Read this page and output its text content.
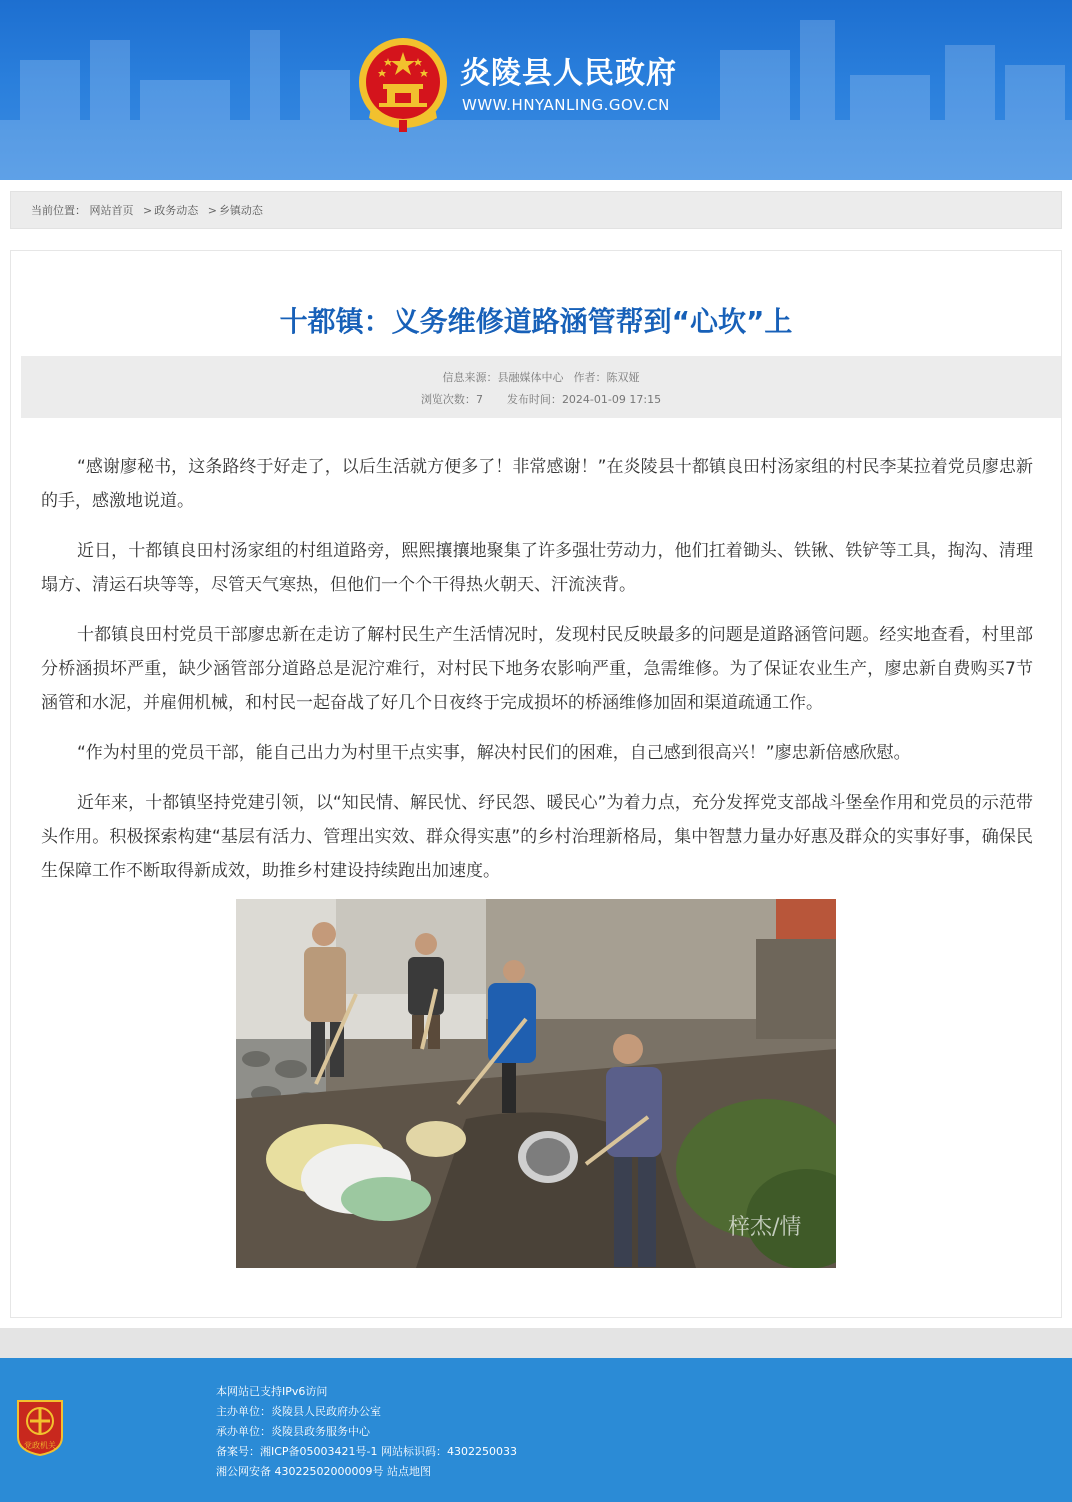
炎陵县人民政府
WWW.HNYANLING.GOV.CN
当前位置： 网站首页 > 政务动态 > 乡镇动态
十都镇：义务维修道路涵管帮到“心坎”上
信息来源：县融媒体中心 作者：陈双娅
浏览次数：7 发布时间：2024-01-09 17:15

“感谢廖秘书，这条路终于好走了，以后生活就方便多了！非常感谢！”在炎陵县十都镇良田村汤家组的村民李某拉着党员廖忠新的手，感激地说道。

近日，十都镇良田村汤家组的村组道路旁，熙熙攘攘地聚集了许多强壮劳动力，他们扛着锄头、铁锹、铁铲等工具，掏沟、清理塌方、清运石块等等，尽管天气寒热，但他们一个个干得热火朝天、汗流浃背。

十都镇良田村党员干部廖忠新在走访了解村民生产生活情况时，发现村民反映最多的问题是道路涵管问题。经实地查看，村里部分桥涵损坏严重，缺少涵管部分道路总是泥泞难行，对村民下地务农影响严重，急需维修。为了保证农业生产，廖忠新自费购买7节涵管和水泥，并雇佣机械，和村民一起奋战了好几个日夜终于完成损坏的桥涵维修加固和渠道疏通工作。

“作为村里的党员干部，能自己出力为村里干点实事，解决村民们的困难，自己感到很高兴！”廖忠新倍感欣慰。

近年来，十都镇坚持党建引领，以“知民情、解民忧、纾民怨、暖民心”为着力点，充分发挥党支部战斗堡垒作用和党员的示范带头作用。积极探索构建“基层有活力、管理出实效、群众得实惠”的乡村治理新格局，集中智慧力量办好惠及群众的实事好事，确保民生保障工作不断取得新成效，助推乡村建设持续跑出加速度。

梓杰/情
党政机关
本网站已支持IPv6访问
主办单位：炎陵县人民政府办公室
承办单位：炎陵县政务服务中心
备案号：湘ICP备05003421号-1 网站标识码：4302250033
湘公网安备 43022502000009号 站点地图
